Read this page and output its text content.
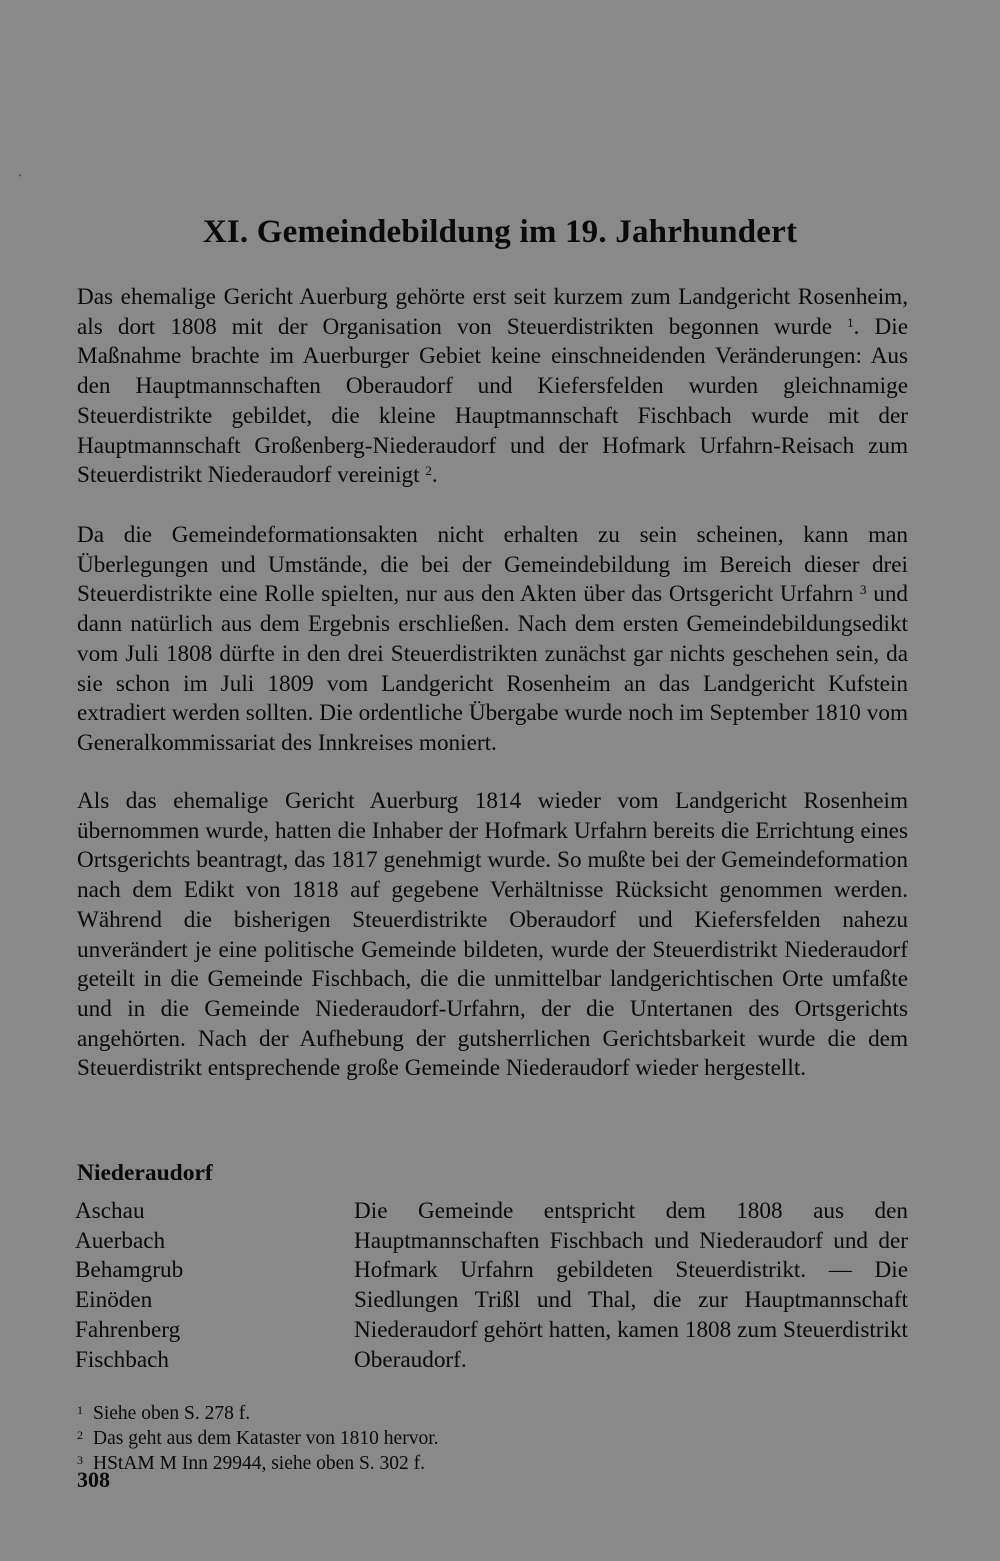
`
XI. Gemeindebildung im 19. Jahrhundert

Das ehemalige Gericht Auerburg gehörte erst seit kurzem zum Landgericht Rosenheim, als dort 1808 mit der Organisation von Steuerdistrikten begonnen wurde $^1$. Die Maßnahme brachte im Auerburger Gebiet keine einschneidenden Veränderungen: Aus den Hauptmannschaften Oberaudorf und Kiefersfelden wurden gleichnamige Steuerdistrikte gebildet, die kleine Hauptmannschaft Fischbach wurde mit der Hauptmannschaft Großenberg-Niederaudorf und der Hofmark Urfahrn-Reisach zum Steuerdistrikt Niederaudorf vereinigt $^2$.

Da die Gemeindeformationsakten nicht erhalten zu sein scheinen, kann man Überlegungen und Umstände, die bei der Gemeindebildung im Bereich dieser drei Steuerdistrikte eine Rolle spielten, nur aus den Akten über das Ortsgericht Urfahrn $^3$ und dann natürlich aus dem Ergebnis erschließen. Nach dem ersten Gemeindebildungsedikt vom Juli 1808 dürfte in den drei Steuerdistrikten zunächst gar nichts geschehen sein, da sie schon im Juli 1809 vom Landgericht Rosenheim an das Landgericht Kufstein extradiert werden sollten. Die ordentliche Übergabe wurde noch im September 1810 vom Generalkommissariat des Innkreises moniert.

Als das ehemalige Gericht Auerburg 1814 wieder vom Landgericht Rosenheim übernommen wurde, hatten die Inhaber der Hofmark Urfahrn bereits die Errichtung eines Ortsgerichts beantragt, das 1817 genehmigt wurde. So mußte bei der Gemeindeformation nach dem Edikt von 1818 auf gegebene Verhältnisse Rücksicht genommen werden. Während die bisherigen Steuerdistrikte Oberaudorf und Kiefersfelden nahezu unverändert je eine politische Gemeinde bildeten, wurde der Steuerdistrikt Niederaudorf geteilt in die Gemeinde Fischbach, die die unmittelbar landgerichtischen Orte umfaßte und in die Gemeinde Niederaudorf-Urfahrn, der die Untertanen des Ortsgerichts angehörten. Nach der Aufhebung der gutsherrlichen Gerichtsbarkeit wurde die dem Steuerdistrikt entsprechende große Gemeinde Niederaudorf wieder hergestellt.

Niederaudorf
Aschau
Auerbach
Behamgrub
Einöden
Fahrenberg
Fischbach

Die Gemeinde entspricht dem 1808 aus den Hauptmannschaften Fischbach und Niederaudorf und der Hofmark Urfahrn gebildeten Steuerdistrikt. — Die Siedlungen Trißl und Thal, die zur Hauptmannschaft Niederaudorf gehört hatten, kamen 1808 zum Steuerdistrikt Oberaudorf.

1 Siehe oben S. 278 f.
2 Das geht aus dem Kataster von 1810 hervor.
3 HStAM M Inn 29944, siehe oben S. 302 f.
308
